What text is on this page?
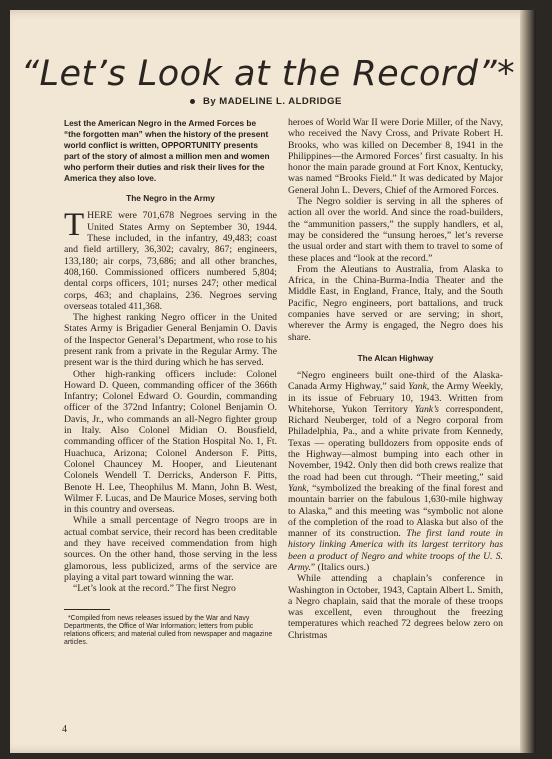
“Let’s Look at the Record”*
By MADELINE L. ALDRIDGE

Lest the American Negro in the Armed Forces be “the forgotten man” when the history of the present world conflict is written, OPPORTUNITY presents part of the story of almost a million men and women who perform their duties and risk their lives for the America they also love.

The Negro in the Army

THERE were 701,678 Negroes serving in the United States Army on September 30, 1944. These included, in the infantry, 49,483; coast and field artillery, 36,302; cavalry, 867; engineers, 133,180; air corps, 73,686; and all other branches, 408,160. Commissioned officers numbered 5,804; dental corps officers, 101; nurses 247; other medical corps, 463; and chaplains, 236. Negroes serving overseas totaled 411,368.

The highest ranking Negro officer in the United States Army is Brigadier General Benjamin O. Davis of the Inspector General’s Department, who rose to his present rank from a private in the Regular Army. The present war is the third during which he has served.

Other high-ranking officers include: Colonel Howard D. Queen, commanding officer of the 366th Infantry; Colonel Edward O. Gourdin, commanding officer of the 372nd Infantry; Colonel Benjamin O. Davis, Jr., who commands an all-Negro fighter group in Italy. Also Colonel Midian O. Bousfield, commanding officer of the Station Hospital No. 1, Ft. Huachuca, Arizona; Colonel Anderson F. Pitts, Colonel Chauncey M. Hooper, and Lieutenant Colonels Wendell T. Derricks, Anderson F. Pitts, Benote H. Lee, Theophilus M. Mann, John B. West, Wilmer F. Lucas, and De Maurice Moses, serving both in this country and overseas.

While a small percentage of Negro troops are in actual combat service, their record has been creditable and they have received commendation from high sources. On the other hand, those serving in the less glamorous, less publicized, arms of the service are playing a vital part toward winning the war.

“Let’s look at the record.” The first Negro

*Compiled from news releases issued by the War and Navy Departments, the Office of War Information; letters from public relations officers; and material culled from newspaper and magazine articles.

heroes of World War II were Dorie Miller, of the Navy, who received the Navy Cross, and Private Robert H. Brooks, who was killed on December 8, 1941 in the Philippines—the Armored Forces’ first casualty. In his honor the main parade ground at Fort Knox, Kentucky, was named “Brooks Field.” It was dedicated by Major General John L. Devers, Chief of the Armored Forces.

The Negro soldier is serving in all the spheres of action all over the world. And since the road-builders, the “ammunition passers,” the supply handlers, et al, may be considered the “unsung heroes,” let’s reverse the usual order and start with them to travel to some of these places and “look at the record.”

From the Aleutians to Australia, from Alaska to Africa, in the China-Burma-India Theater and the Middle East, in England, France, Italy, and the South Pacific, Negro engineers, port battalions, and truck companies have served or are serving; in short, wherever the Army is engaged, the Negro does his share.

The Alcan Highway

“Negro engineers built one-third of the Alaska-Canada Army Highway,” said Yank, the Army Weekly, in its issue of February 10, 1943. Written from Whitehorse, Yukon Territory Yank’s correspondent, Richard Neuberger, told of a Negro corporal from Philadelphia, Pa., and a white private from Kennedy, Texas — operating bulldozers from opposite ends of the Highway—almost bumping into each other in November, 1942. Only then did both crews realize that the road had been cut through. “Their meeting,” said Yank, “symbolized the breaking of the final forest and mountain barrier on the fabulous 1,630-mile highway to Alaska,” and this meeting was “symbolic not alone of the completion of the road to Alaska but also of the manner of its construction. The first land route in history linking America with its largest territory has been a product of Negro and white troops of the U. S. Army.” (Italics ours.)

While attending a chaplain’s conference in Washington in October, 1943, Captain Albert L. Smith, a Negro chaplain, said that the morale of these troops was excellent, even throughout the freezing temperatures which reached 72 degrees below zero on Christmas

4
